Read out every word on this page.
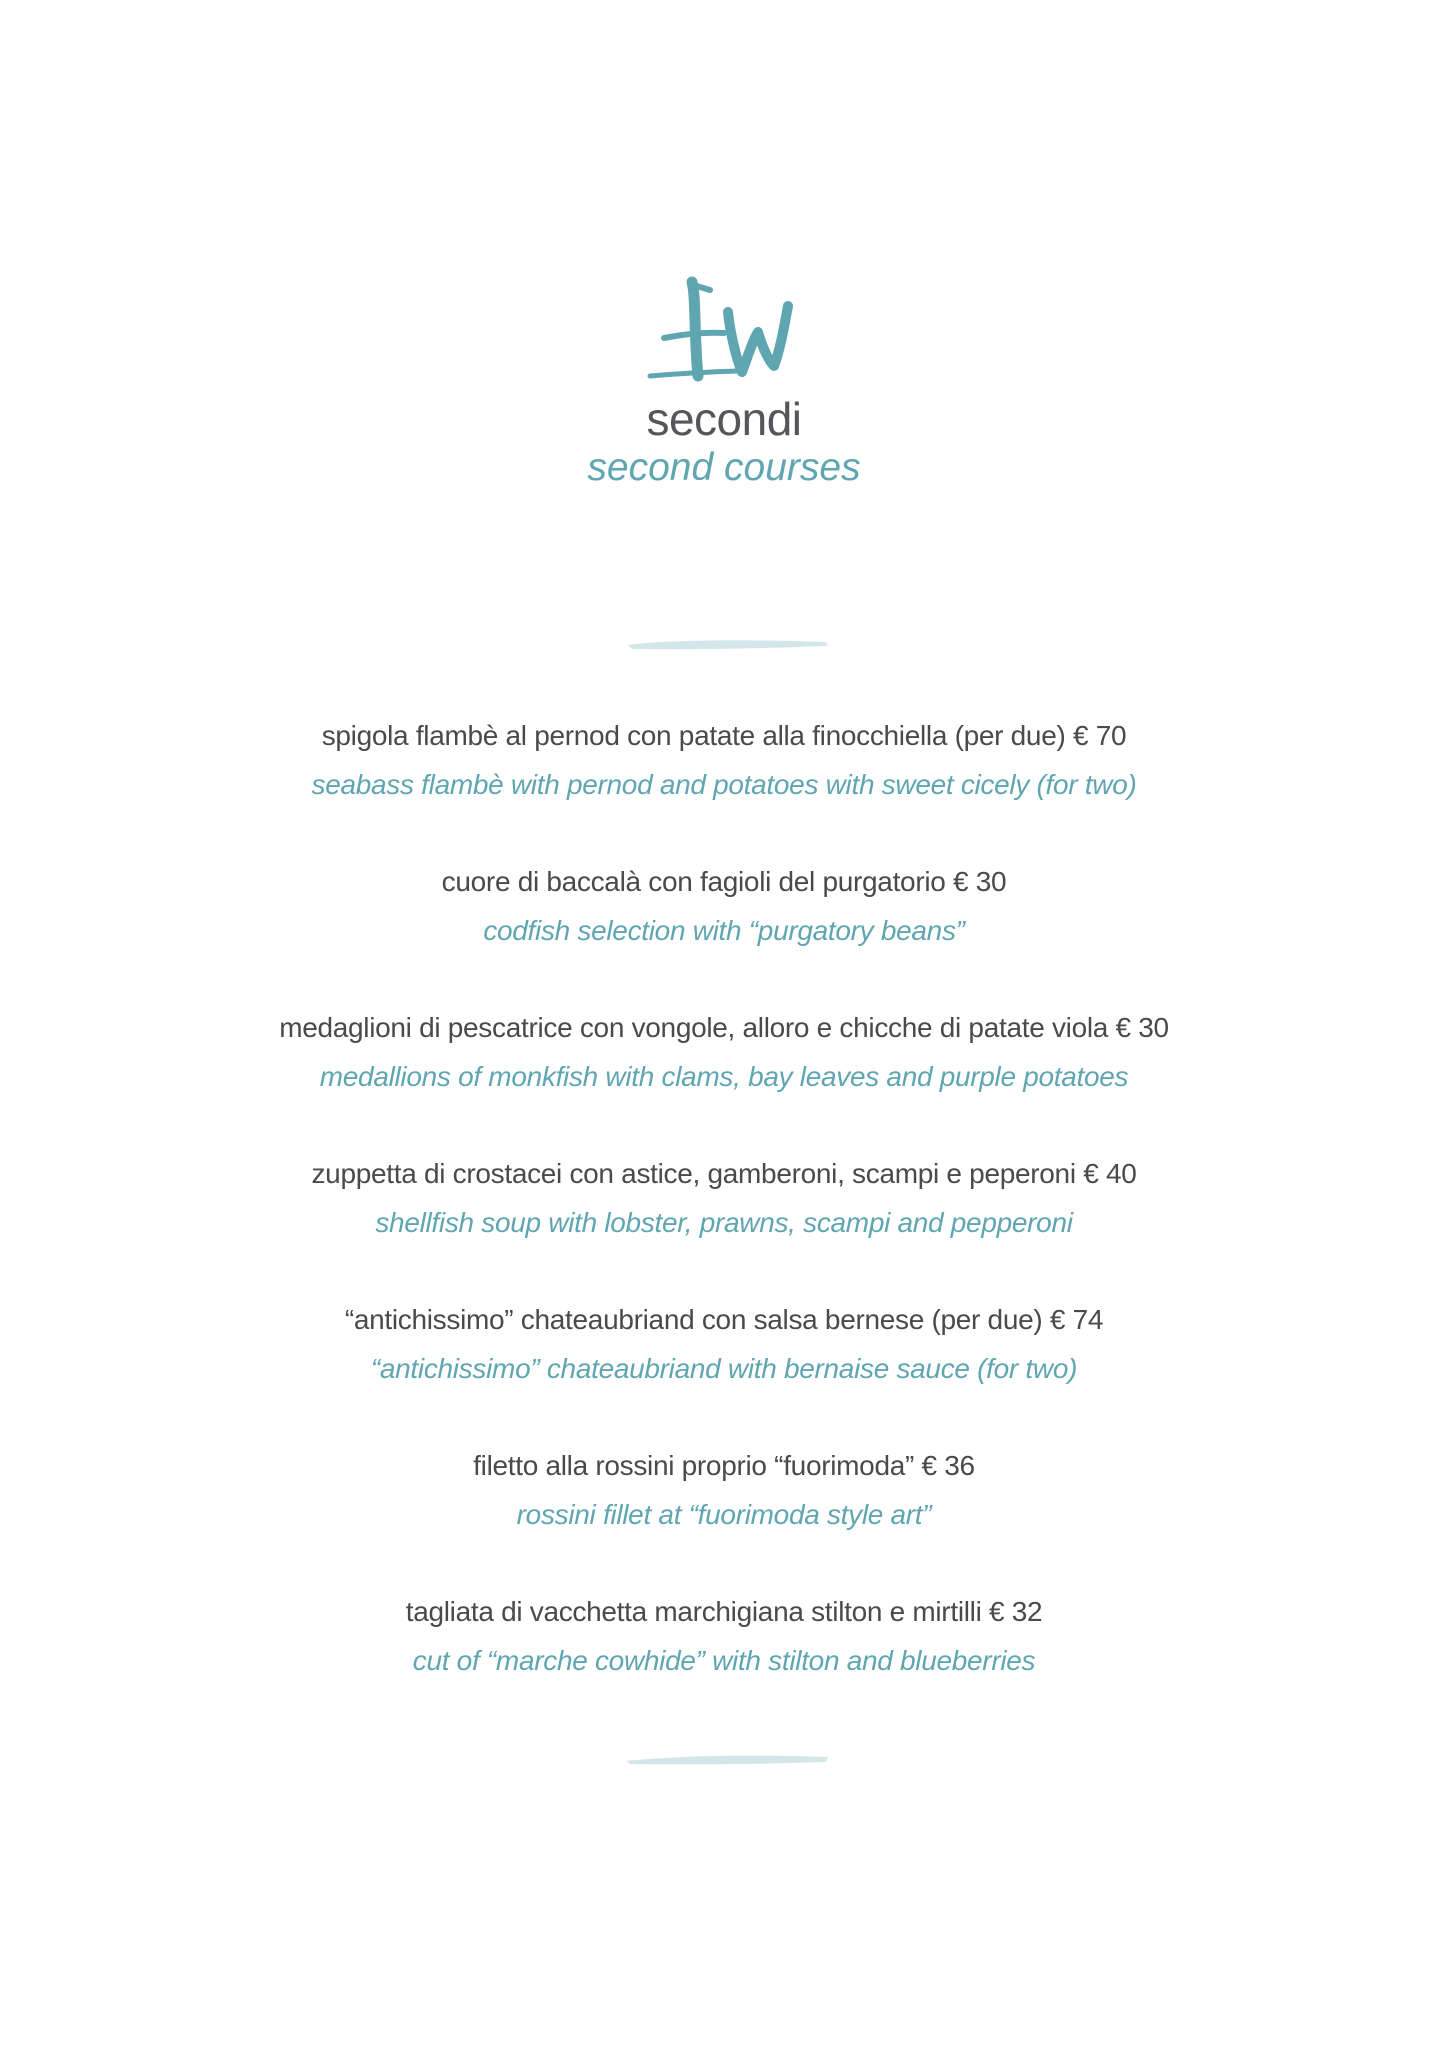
secondi
second courses
spigola flambè al pernod con patate alla finocchiella (per due) € 70
seabass flambè with pernod and potatoes with sweet cicely (for two)
cuore di baccalà con fagioli del purgatorio € 30
codfish selection with “purgatory beans”
medaglioni di pescatrice con vongole, alloro e chicche di patate viola € 30
medallions of monkfish with clams, bay leaves and purple potatoes
zuppetta di crostacei con astice, gamberoni, scampi e peperoni € 40
shellfish soup with lobster, prawns, scampi and pepperoni
“antichissimo” chateaubriand con salsa bernese (per due) € 74
“antichissimo” chateaubriand with bernaise sauce (for two)
filetto alla rossini proprio “fuorimoda” € 36
rossini fillet at “fuorimoda style art”
tagliata di vacchetta marchigiana stilton e mirtilli € 32
cut of “marche cowhide” with stilton and blueberries
